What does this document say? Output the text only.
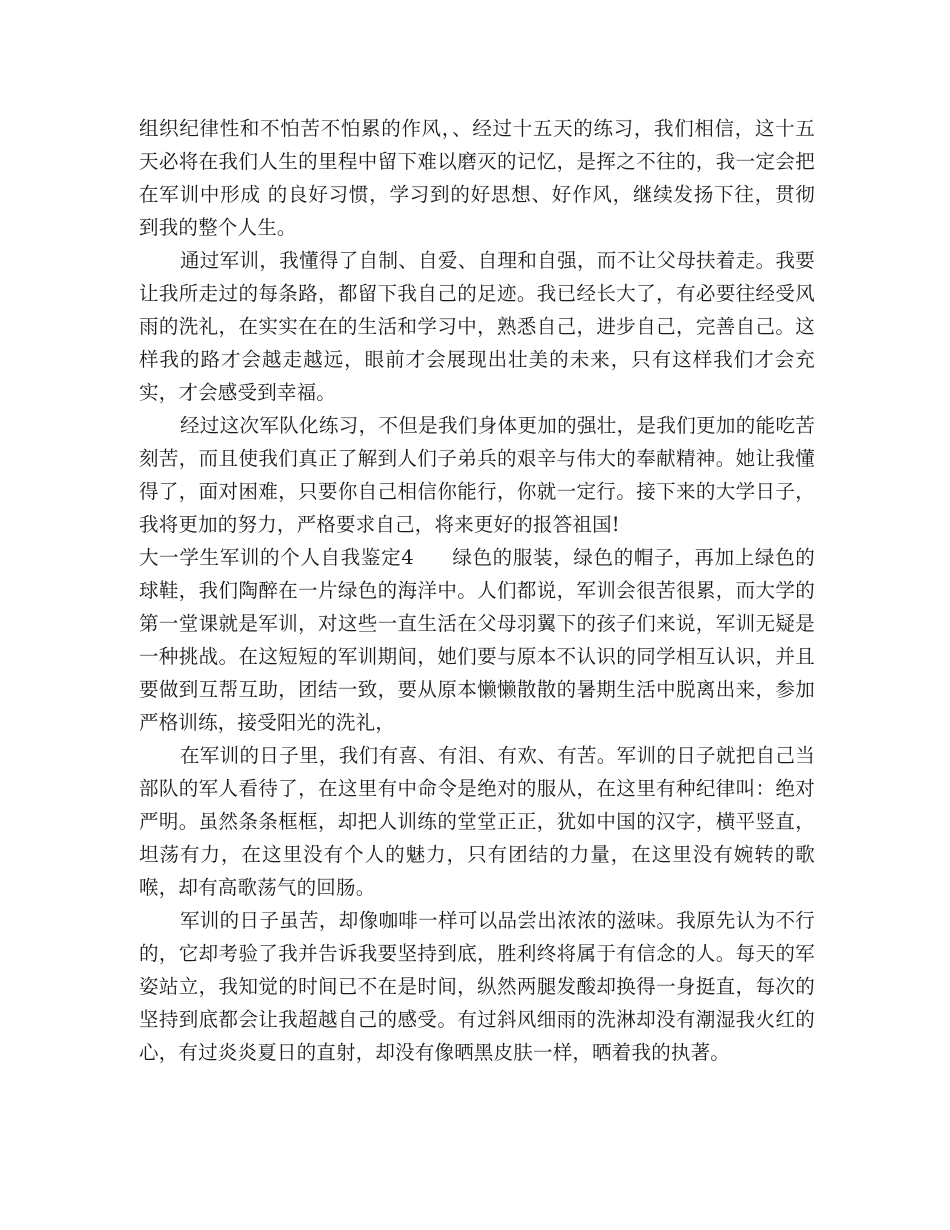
组织纪律性和不怕苦不怕累的作风，、经过十五天的练习，我们相信，这十五天必将在我们人生的里程中留下难以磨灭的记忆，是挥之不往的，我一定会把在军训中形成 的良好习惯，学习到的好思想、好作风，继续发扬下往，贯彻到我的整个人生。

通过军训，我懂得了自制、自爱、自理和自强，而不让父母扶着走。我要让我所走过的每条路，都留下我自己的足迹。我已经长大了，有必要往经受风雨的洗礼，在实实在在的生活和学习中，熟悉自己，进步自己，完善自己。这样我的路才会越走越远，眼前才会展现出壮美的未来，只有这样我们才会充实，才会感受到幸福。

经过这次军队化练习，不但是我们身体更加的强壮，是我们更加的能吃苦刻苦，而且使我们真正了解到人们子弟兵的艰辛与伟大的奉献精神。她让我懂得了，面对困难，只要你自己相信你能行，你就一定行。接下来的大学日子，我将更加的努力，严格要求自己，将来更好的报答祖国!

大一学生军训的个人自我鉴定4 绿色的服装，绿色的帽子，再加上绿色的球鞋，我们陶醉在一片绿色的海洋中。人们都说，军训会很苦很累，而大学的第一堂课就是军训，对这些一直生活在父母羽翼下的孩子们来说，军训无疑是一种挑战。在这短短的军训期间，她们要与原本不认识的同学相互认识，并且要做到互帮互助，团结一致，要从原本懒懒散散的暑期生活中脱离出来，参加严格训练，接受阳光的洗礼，

在军训的日子里，我们有喜、有泪、有欢、有苦。军训的日子就把自己当部队的军人看待了，在这里有中命令是绝对的服从，在这里有种纪律叫：绝对严明。虽然条条框框，却把人训练的堂堂正正，犹如中国的汉字，横平竖直，坦荡有力，在这里没有个人的魅力，只有团结的力量，在这里没有婉转的歌喉，却有高歌荡气的回肠。

军训的日子虽苦，却像咖啡一样可以品尝出浓浓的滋味。我原先认为不行的，它却考验了我并告诉我要坚持到底，胜利终将属于有信念的人。每天的军姿站立，我知觉的时间已不在是时间，纵然两腿发酸却换得一身挺直，每次的坚持到底都会让我超越自己的感受。有过斜风细雨的洗淋却没有潮湿我火红的心，有过炎炎夏日的直射，却没有像晒黑皮肤一样，晒着我的执著。
